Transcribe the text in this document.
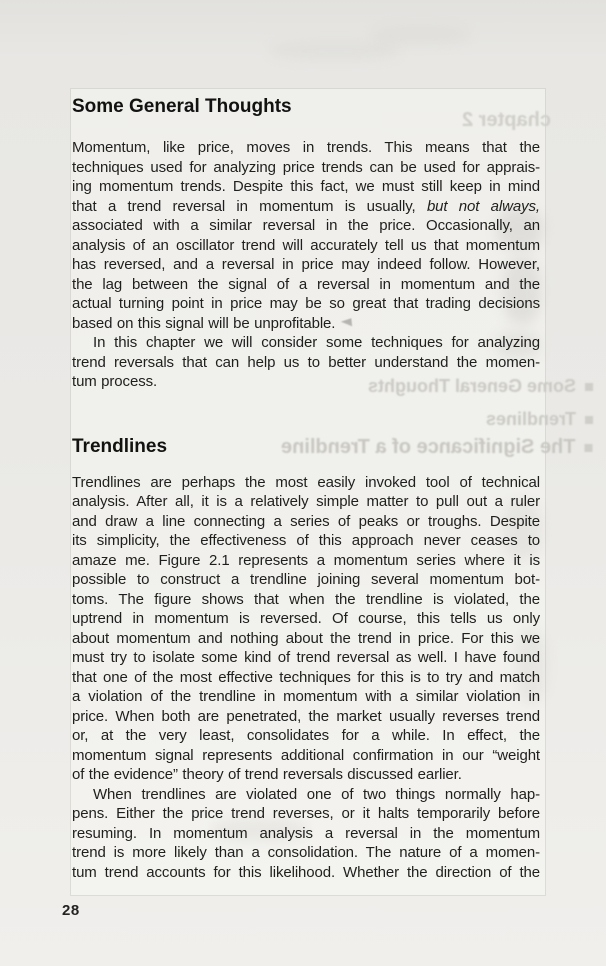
chapter 2
Some General Thoughts
Trendlines
The Significance of a Trendline
Some General Thoughts
Momentum, like price, moves in trends. This means that the
techniques used for analyzing price trends can be used for apprais-
ing momentum trends. Despite this fact, we must still keep in mind
that a trend reversal in momentum is usually, but not always,
associated with a similar reversal in the price. Occasionally, an
analysis of an oscillator trend will accurately tell us that momentum
has reversed, and a reversal in price may indeed follow. However,
the lag between the signal of a reversal in momentum and the
actual turning point in price may be so great that trading decisions
based on this signal will be unprofitable.
In this chapter we will consider some techniques for analyzing
trend reversals that can help us to better understand the momen-
tum process.
Trendlines
Trendlines are perhaps the most easily invoked tool of technical
analysis. After all, it is a relatively simple matter to pull out a ruler
and draw a line connecting a series of peaks or troughs. Despite
its simplicity, the effectiveness of this approach never ceases to
amaze me. Figure 2.1 represents a momentum series where it is
possible to construct a trendline joining several momentum bot-
toms. The figure shows that when the trendline is violated, the
uptrend in momentum is reversed. Of course, this tells us only
about momentum and nothing about the trend in price. For this we
must try to isolate some kind of trend reversal as well. I have found
that one of the most effective techniques for this is to try and match
a violation of the trendline in momentum with a similar violation in
price. When both are penetrated, the market usually reverses trend
or, at the very least, consolidates for a while. In effect, the
momentum signal represents additional confirmation in our “weight
of the evidence” theory of trend reversals discussed earlier.
When trendlines are violated one of two things normally hap-
pens. Either the price trend reverses, or it halts temporarily before
resuming. In momentum analysis a reversal in the momentum
trend is more likely than a consolidation. The nature of a momen-
tum trend accounts for this likelihood. Whether the direction of the
28
